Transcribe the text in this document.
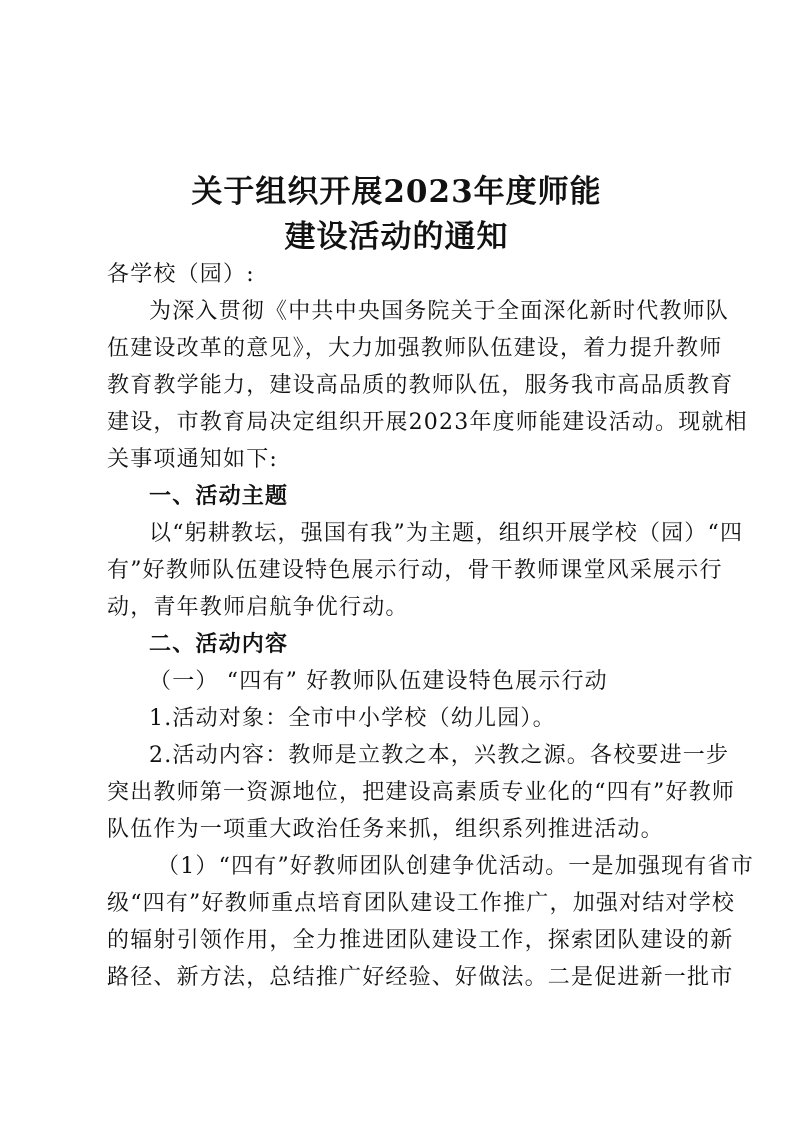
关于组织开展2023年度师能
建设活动的通知

各学校（园）:

为深入贯彻《中共中央国务院关于全面深化新时代教师队

伍建设改革的意见》，大力加强教师队伍建设，着力提升教师

教育教学能力，建设高品质的教师队伍，服务我市高品质教育

建设，市教育局决定组织开展2023年度师能建设活动。现就相

关事项通知如下:

一、活动主题

以“躬耕教坛，强国有我”为主题，组织开展学校（园）“四

有”好教师队伍建设特色展示行动，骨干教师课堂风采展示行

动，青年教师启航争优行动。

二、活动内容

（一） “四有” 好教师队伍建设特色展示行动

1.活动对象：全市中小学校（幼儿园）。

2.活动内容：教师是立教之本，兴教之源。各校要进一步

突出教师第一资源地位，把建设高素质专业化的“四有”好教师

队伍作为一项重大政治任务来抓，组织系列推进活动。

（1）“四有”好教师团队创建争优活动。一是加强现有省市

级“四有”好教师重点培育团队建设工作推广，加强对结对学校

的辐射引领作用，全力推进团队建设工作，探索团队建设的新

路径、新方法，总结推广好经验、好做法。二是促进新一批市
